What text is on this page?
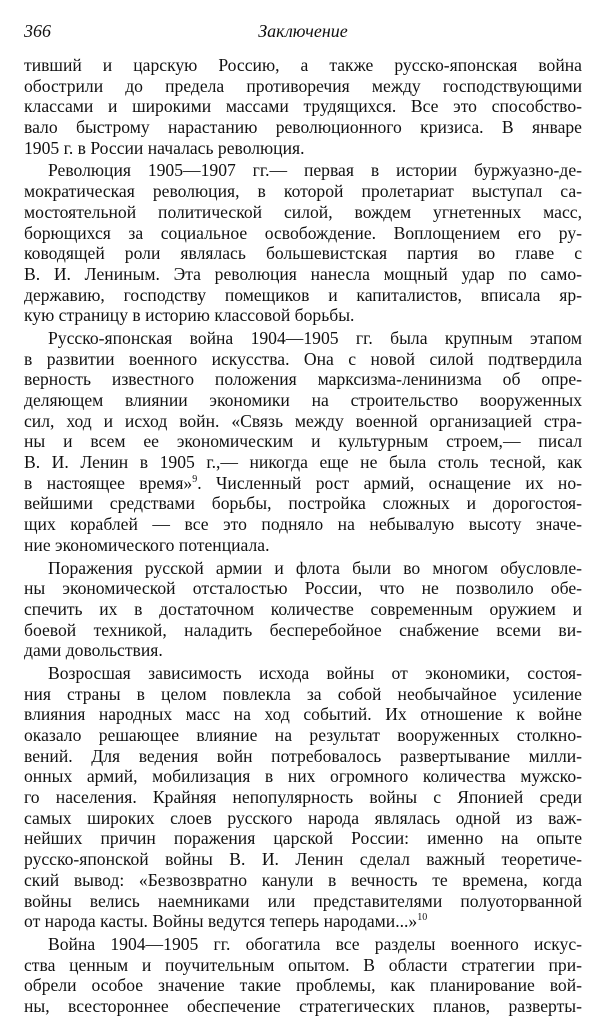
366	Заключение
тивший и царскую Россию, а также русско-японская война
обострили до предела противоречия между господствующими
классами и широкими массами трудящихся. Все это способство-
вало быстрому нарастанию революционного кризиса. В январе
1905 г. в России началась революция.
Революция 1905—1907 гг.— первая в истории буржуазно-де-
мократическая революция, в которой пролетариат выступал са-
мостоятельной политической силой, вождем угнетенных масс,
борющихся за социальное освобождение. Воплощением его ру-
ководящей роли являлась большевистская партия во главе с
В. И. Лениным. Эта революция нанесла мощный удар по само-
державию, господству помещиков и капиталистов, вписала яр-
кую страницу в историю классовой борьбы.
Русско-японская война 1904—1905 гг. была крупным этапом
в развитии военного искусства. Она с новой силой подтвердила
верность известного положения марксизма-ленинизма об опре-
деляющем влиянии экономики на строительство вооруженных
сил, ход и исход войн. «Связь между военной организацией стра-
ны и всем ее экономическим и культурным строем,— писал
В. И. Ленин в 1905 г.,— никогда еще не была столь тесной, как
в настоящее время»$^9$. Численный рост армий, оснащение их но-
вейшими средствами борьбы, постройка сложных и дорогостоя-
щих кораблей — все это подняло на небывалую высоту значе-
ние экономического потенциала.
Поражения русской армии и флота были во многом обусловле-
ны экономической отсталостью России, что не позволило обе-
спечить их в достаточном количестве современным оружием и
боевой техникой, наладить бесперебойное снабжение всеми ви-
дами довольствия.
Возросшая зависимость исхода войны от экономики, состоя-
ния страны в целом повлекла за собой необычайное усиление
влияния народных масс на ход событий. Их отношение к войне
оказало решающее влияние на результат вооруженных столкно-
вений. Для ведения войн потребовалось развертывание милли-
онных армий, мобилизация в них огромного количества мужско-
го населения. Крайняя непопулярность войны с Японией среди
самых широких слоев русского народа являлась одной из важ-
нейших причин поражения царской России: именно на опыте
русско-японской войны В. И. Ленин сделал важный теоретиче-
ский вывод: «Безвозвратно канули в вечность те времена, когда
войны велись наемниками или представителями полуоторванной
от народа касты. Войны ведутся теперь народами...»$^{10}$
Война 1904—1905 гг. обогатила все разделы военного искус-
ства ценным и поучительным опытом. В области стратегии при-
обрели особое значение такие проблемы, как планирование вой-
ны, всестороннее обеспечение стратегических планов, разверты-
